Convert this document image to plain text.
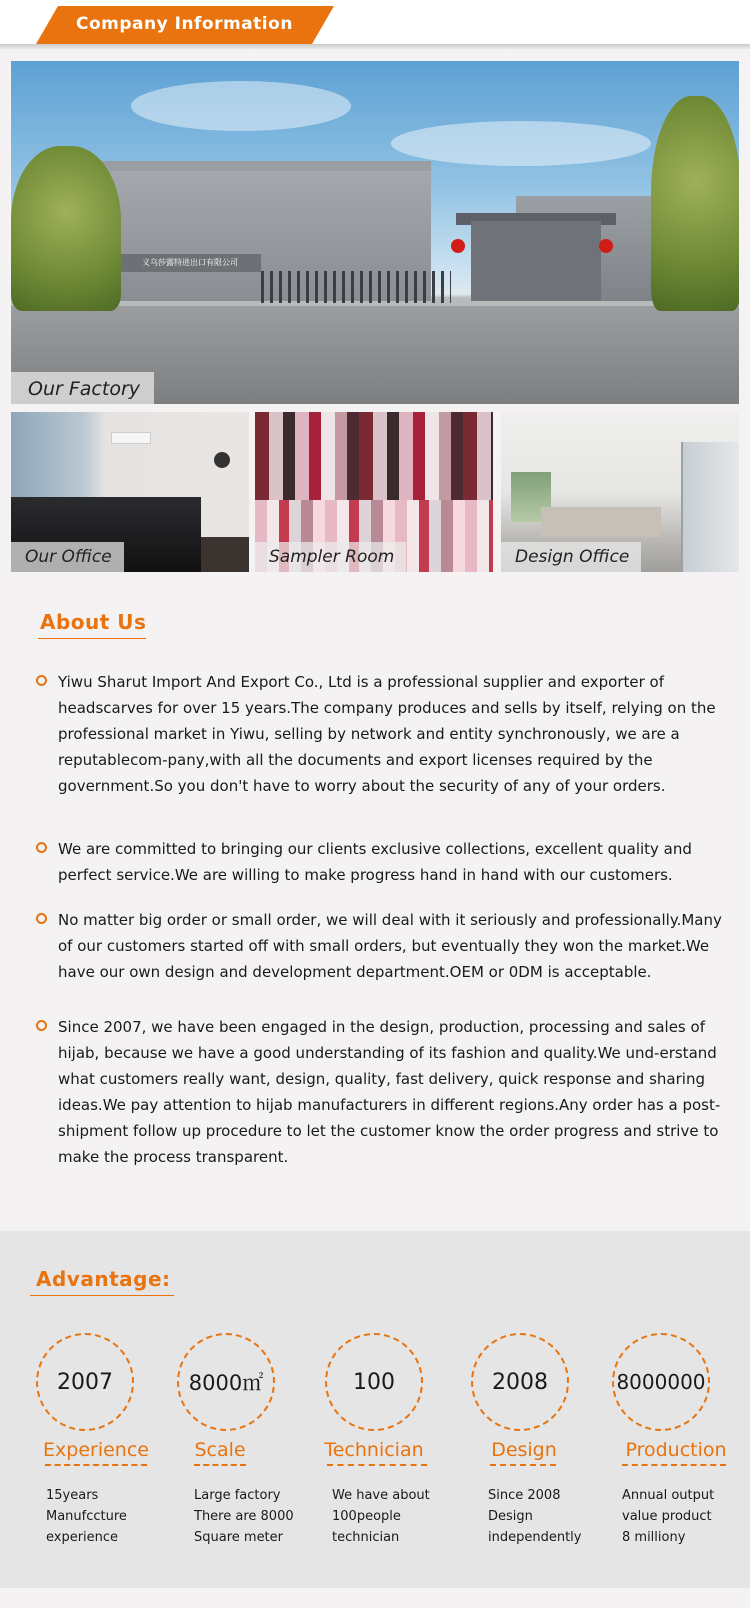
Company Information
义乌莎露特进出口有限公司
Our Factory
Our Office	Sampler Room	Design Office
About Us
Yiwu Sharut Import And Export Co., Ltd is a professional supplier and exporter of headscarves for over 15 years.The company produces and sells by itself, relying on the professional market in Yiwu, selling by network and entity synchronously, we are a reputablecom-pany,with all the documents and export licenses required by the government.So you don't have to worry about the security of any of your orders.
We are committed to bringing our clients exclusive collections, excellent quality and perfect service.We are willing to make progress hand in hand with our customers.
No matter big order or small order, we will deal with it seriously and professionally.Many of our customers started off with small orders, but eventually they won the market.We have our own design and development department.OEM or 0DM is acceptable.
Since 2007, we have been engaged in the design, production, processing and sales of hijab, because we have a good understanding of its fashion and quality.We und-erstand what customers really want, design, quality, fast delivery, quick response and sharing ideas.We pay attention to hijab manufacturers in different regions.Any order has a post-shipment follow up procedure to let the customer know the order progress and strive to make the process transparent.
Advantage:
2007
Experience
15years
Manufccture
experience
8000㎡
Scale
Large factory
There are 8000
Square meter
100
Technician
We have about
100people
technician
2008
Design
Since 2008
Design
independently
8000000
Production
Annual output
value product
8 milliony
